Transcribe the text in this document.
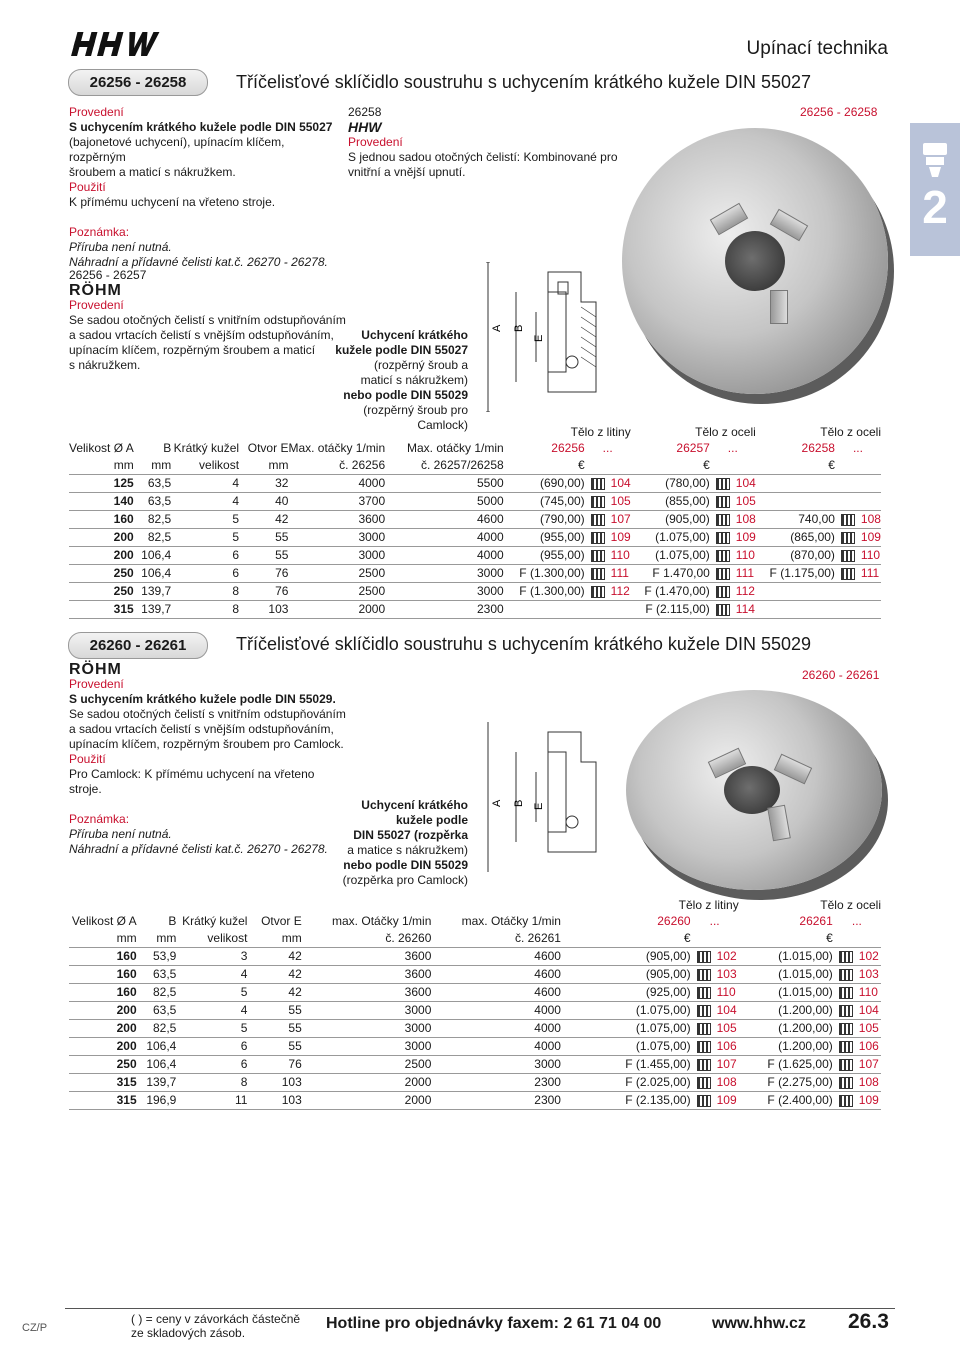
Upínací technika
2
26256 - 26258	Tříčelisťové sklíčidlo soustruhu s uchycením krátkého kužele DIN 55027
Provedení
S uchycením krátkého kužele podle DIN 55027
(bajonetové uchycení), upínacím klíčem, rozpěrným
šroubem a maticí s nákružkem.
Použití
K přímému uchycení na vřeteno stroje.
Poznámka:
Příruba není nutná.
Náhradní a přídavné čelisti kat.č. 26270 - 26278.
26258
HHW
Provedení
S jednou sadou otočných čelistí: Kombinované pro
vnitřní a vnější upnutí.
26256 - 26258
26256 - 26257
RÖHM
Provedení
Se sadou otočných čelistí s vnitřním odstupňováním
a sadou vrtacích čelistí s vnějším odstupňováním,
upínacím klíčem, rozpěrným šroubem a maticí
s nákružkem.
Uchycení krátkého
kužele podle DIN 55027
(rozpěrný šroub a
maticí s nákružkem)
nebo podle DIN 55029
(rozpěrný šroub pro
Camlock)
A B
E
						Tělo z litiny		Tělo z oceli		Tělo z oceli	
Velikost Ø A	B	Krátký kužel	Otvor E	Max. otáčky 1/min	Max. otáčky 1/min	26256	...	26257	...	26258	...
mm	mm	velikost	mm	č. 26256	č. 26257/26258	€		€		€	
125	63,5	4	32	4000	5500	(690,00)	104	(780,00)	104		
140	63,5	4	40	3700	5000	(745,00)	105	(855,00)	105		
160	82,5	5	42	3600	4600	(790,00)	107	(905,00)	108	740,00	108
200	82,5	5	55	3000	4000	(955,00)	109	(1.075,00)	109	(865,00)	109
200	106,4	6	55	3000	4000	(955,00)	110	(1.075,00)	110	(870,00)	110
250	106,4	6	76	2500	3000	F (1.300,00)	111	F 1.470,00	111	F (1.175,00)	111
250	139,7	8	76	2500	3000	F (1.300,00)	112	F (1.470,00)	112		
315	139,7	8	103	2000	2300			F (2.115,00)	114		
26260 - 26261	Tříčelisťové sklíčidlo soustruhu s uchycením krátkého kužele DIN 55029
26260 - 26261
RÖHM
Provedení
S uchycením krátkého kužele podle DIN 55029.
Se sadou otočných čelistí s vnitřním odstupňováním
a sadou vrtacích čelistí s vnějším odstupňováním,
upínacím klíčem, rozpěrným šroubem pro Camlock.
Použití
Pro Camlock: K přímému uchycení na vřeteno
stroje.
Poznámka:
Příruba není nutná.
Náhradní a přídavné čelisti kat.č. 26270 - 26278.
Uchycení krátkého
kužele podle
DIN 55027 (rozpěrka
a matice s nákružkem)
nebo podle DIN 55029
(rozpěrka pro Camlock)
A B E
						Tělo z litiny		Tělo z oceli	
Velikost Ø A	B	Krátký kužel	Otvor E	max. Otáčky 1/min	max. Otáčky 1/min	26260	...	26261	...
mm	mm	velikost	mm	č. 26260	č. 26261	€		€	
160	53,9	3	42	3600	4600	(905,00)	102	(1.015,00)	102
160	63,5	4	42	3600	4600	(905,00)	103	(1.015,00)	103
160	82,5	5	42	3600	4600	(925,00)	110	(1.015,00)	110
200	63,5	4	55	3000	4000	(1.075,00)	104	(1.200,00)	104
200	82,5	5	55	3000	4000	(1.075,00)	105	(1.200,00)	105
200	106,4	6	55	3000	4000	(1.075,00)	106	(1.200,00)	106
250	106,4	6	76	2500	3000	F (1.455,00)	107	F (1.625,00)	107
315	139,7	8	103	2000	2300	F (2.025,00)	108	F (2.275,00)	108
315	196,9	11	103	2000	2300	F (2.135,00)	109	F (2.400,00)	109
CZ/P
( ) = ceny v závorkách částečně
ze skladových zásob.
Hotline pro objednávky faxem: 2 61 71 04 00	www.hhw.cz 26.3
